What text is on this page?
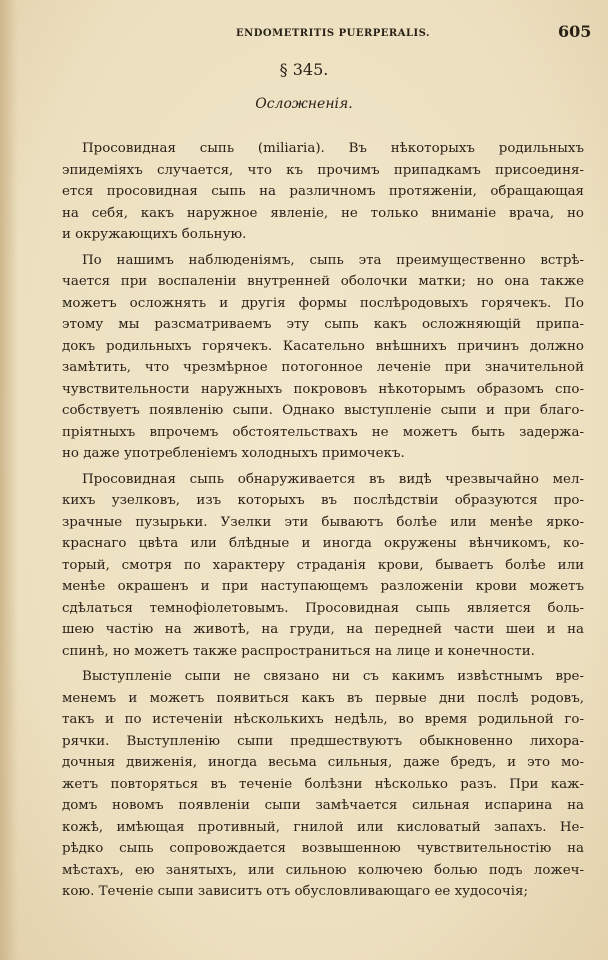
ENDOMETRITIS PUERPERALIS.	605
§ 345.
Осложненія.
Просовидная сыпь (miliaria). Въ нѣкоторыхъ родильныхъ
эпидеміяхъ случается, что къ прочимъ припадкамъ присоединя-
ется просовидная сыпь на различномъ протяженіи, обращающая
на себя, какъ наружное явленіе, не только вниманіе врача, но
и окружающихъ больную.
По нашимъ наблюденіямъ, сыпь эта преимущественно встрѣ-
чается при воспаленіи внутренней оболочки матки; но она также
можетъ осложнять и другія формы послѣродовыхъ горячекъ. По
этому мы разсматриваемъ эту сыпь какъ осложняющій припа-
докъ родильныхъ горячекъ. Касательно внѣшнихъ причинъ должно
замѣтить, что чрезмѣрное потогонное леченіе при значительной
чувствительности наружныхъ покрововъ нѣкоторымъ образомъ спо-
собствуетъ появленію сыпи. Однако выступленіе сыпи и при благо-
пріятныхъ впрочемъ обстоятельствахъ не можетъ быть задержа-
но даже употребленіемъ холодныхъ примочекъ.
Просовидная сыпь обнаруживается въ видѣ чрезвычайно мел-
кихъ узелковъ, изъ которыхъ въ послѣдствіи образуются про-
зрачные пузырьки. Узелки эти бываютъ болѣе или менѣе ярко-
краснаго цвѣта или блѣдные и иногда окружены вѣнчикомъ, ко-
торый, смотря по характеру страданія крови, бываетъ болѣе или
менѣе окрашенъ и при наступающемъ разложеніи крови можетъ
сдѣлаться темнофіолетовымъ. Просовидная сыпь является боль-
шею частію на животѣ, на груди, на передней части шеи и на
спинѣ, но можетъ также распространиться на лице и конечности.
Выступленіе сыпи не связано ни съ какимъ извѣстнымъ вре-
менемъ и можетъ появиться какъ въ первые дни послѣ родовъ,
такъ и по истеченіи нѣсколькихъ недѣль, во время родильной го-
рячки. Выступленію сыпи предшествуютъ обыкновенно лихорa-
дочныя движенія, иногда весьма сильныя, даже бредъ, и это мо-
жетъ повторяться въ теченіе болѣзни нѣсколько разъ. При каж-
домъ новомъ появленіи сыпи замѣчается сильная испарина на
кожѣ, имѣющая противный, гнилой или кисловатый запахъ. Не-
рѣдко сыпь сопровождается возвышенною чувствительностію на
мѣстахъ, ею занятыхъ, или сильною колючею болью подъ ложеч-
кою. Теченіе сыпи зависитъ отъ обусловливающаго ее худосочія;
